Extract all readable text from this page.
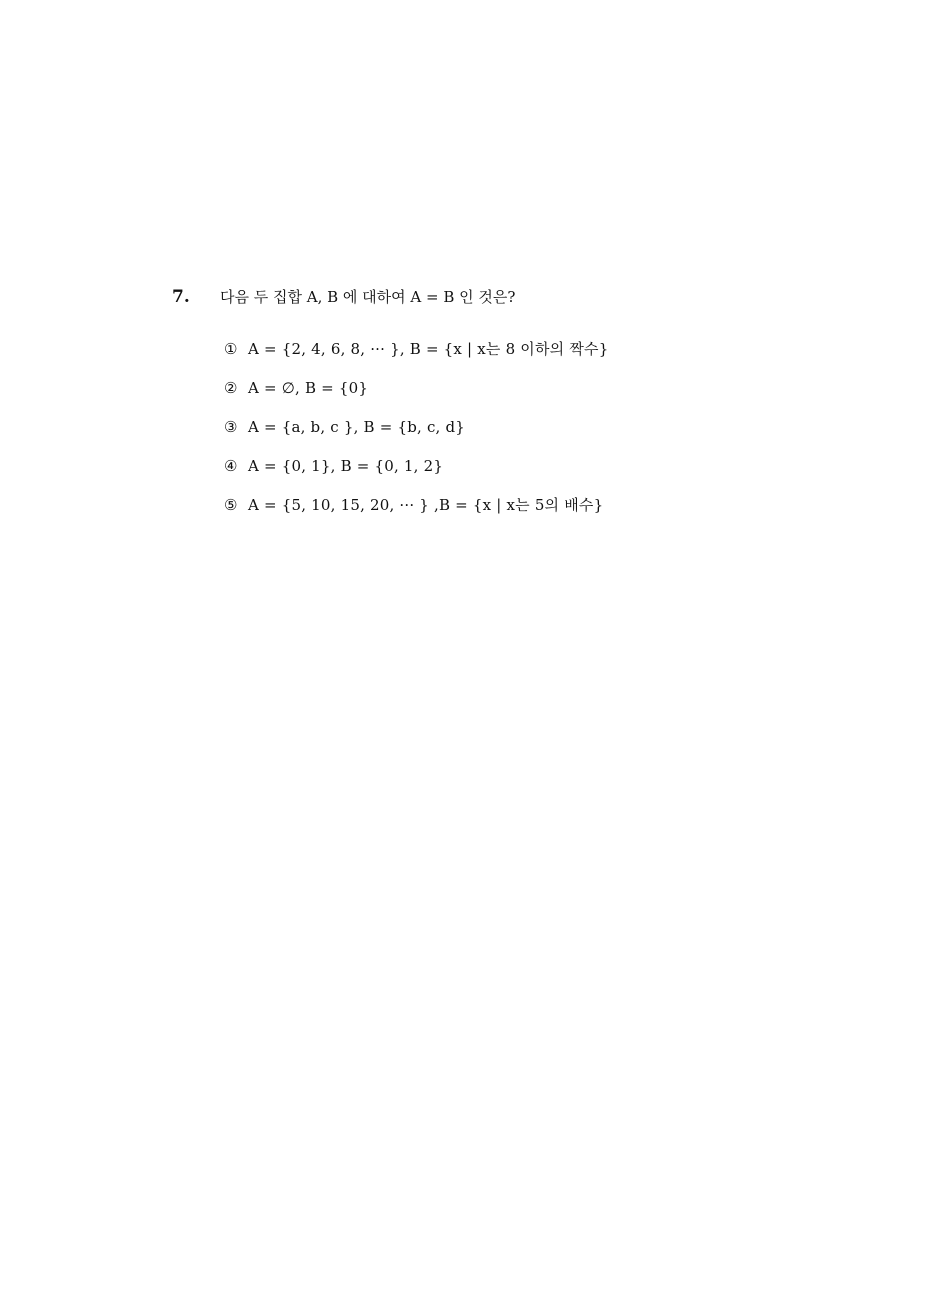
7. 다음 두 집합 A, B 에 대하여 A = B 인 것은?
① A = {2, 4, 6, 8, ··· }, B = {x | x는 8 이하의 짝수}
② A = ∅, B = {0}
③ A = {a, b, c }, B = {b, c, d}
④ A = {0, 1}, B = {0, 1, 2}
⑤ A = {5, 10, 15, 20, ··· } ,B = {x | x는 5의 배수}
